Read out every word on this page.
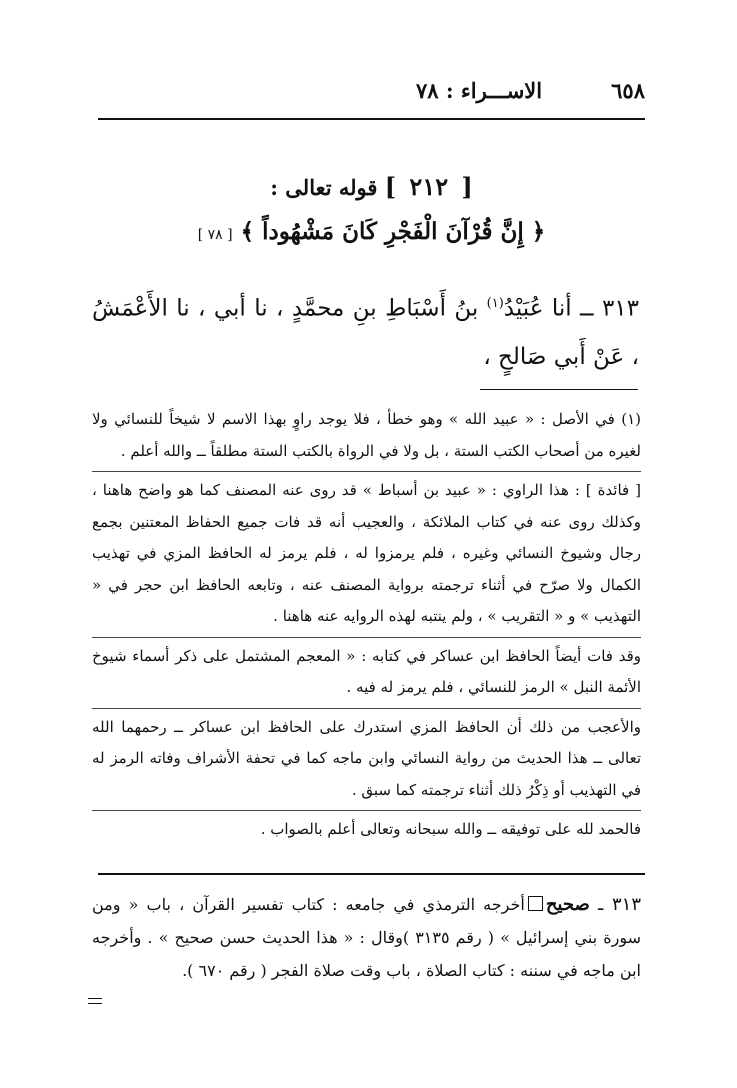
٦٥٨
الاســـراء : ٧٨
[ ٢١٢ ] قوله تعالى :
﴿ إِنَّ قُرْآنَ الْفَجْرِ كَانَ مَشْهُوداً ﴾ [ ٧٨ ]
٣١٣ ــ أنا عُبَيْدُ$^{(١)}$ بنُ أَسْبَاطِ بنِ محمَّدٍ ، نا أبي ، نا الأَعْمَشُ ، عَنْ أَبي صَالحٍ ،

(١) في الأصل : « عبيد الله » وهو خطأ ، فلا يوجد راوٍ بهذا الاسم لا شيخاً للنسائي ولا لغيره من أصحاب الكتب الستة ، بل ولا في الرواة بالكتب الستة مطلقاً ــ والله أعلم .

[ فائدة ] : هذا الراوي : « عبيد بن أسباط » قد روى عنه المصنف كما هو واضح هاهنا ، وكذلك روى عنه في كتاب الملائكة ، والعجيب أنه قد فات جميع الحفاظ المعتنين بجمع رجال وشيوخ النسائي وغيره ، فلم يرمزوا له ، فلم يرمز له الحافظ المزي في تهذيب الكمال ولا صرّح في أثناء ترجمته برواية المصنف عنه ، وتابعه الحافظ ابن حجر في « التهذيب » و « التقريب » ، ولم ينتبه لهذه الروايه عنه هاهنا .

وقد فات أيضاً الحافظ ابن عساكر في كتابه : « المعجم المشتمل على ذكر أسماء شيوخ الأئمة النبل » الرمز للنسائي ، فلم يرمز له فيه .

والأعجب من ذلك أن الحافظ المزي استدرك على الحافظ ابن عساكر ــ رحمهما الله تعالى ــ هذا الحديث من رواية النسائي وابن ماجه كما في تحفة الأشراف وفاته الرمز له في التهذيب أو ذِكْرُ ذلك أثناء ترجمته كما سبق .

فالحمد لله على توفيقه ــ والله سبحانه وتعالى أعلم بالصواب .

٣١٣ ـ صحيحأخرجه الترمذي في جامعه : كتاب تفسير القرآن ، باب « ومن سورة بني إسرائيل » ( رقم ٣١٣٥ )وقال : « هذا الحديث حسن صحيح » . وأخرجه ابن ماجه في سننه : كتاب الصلاة ، باب وقت صلاة الفجر ( رقم ٦٧٠ ).
